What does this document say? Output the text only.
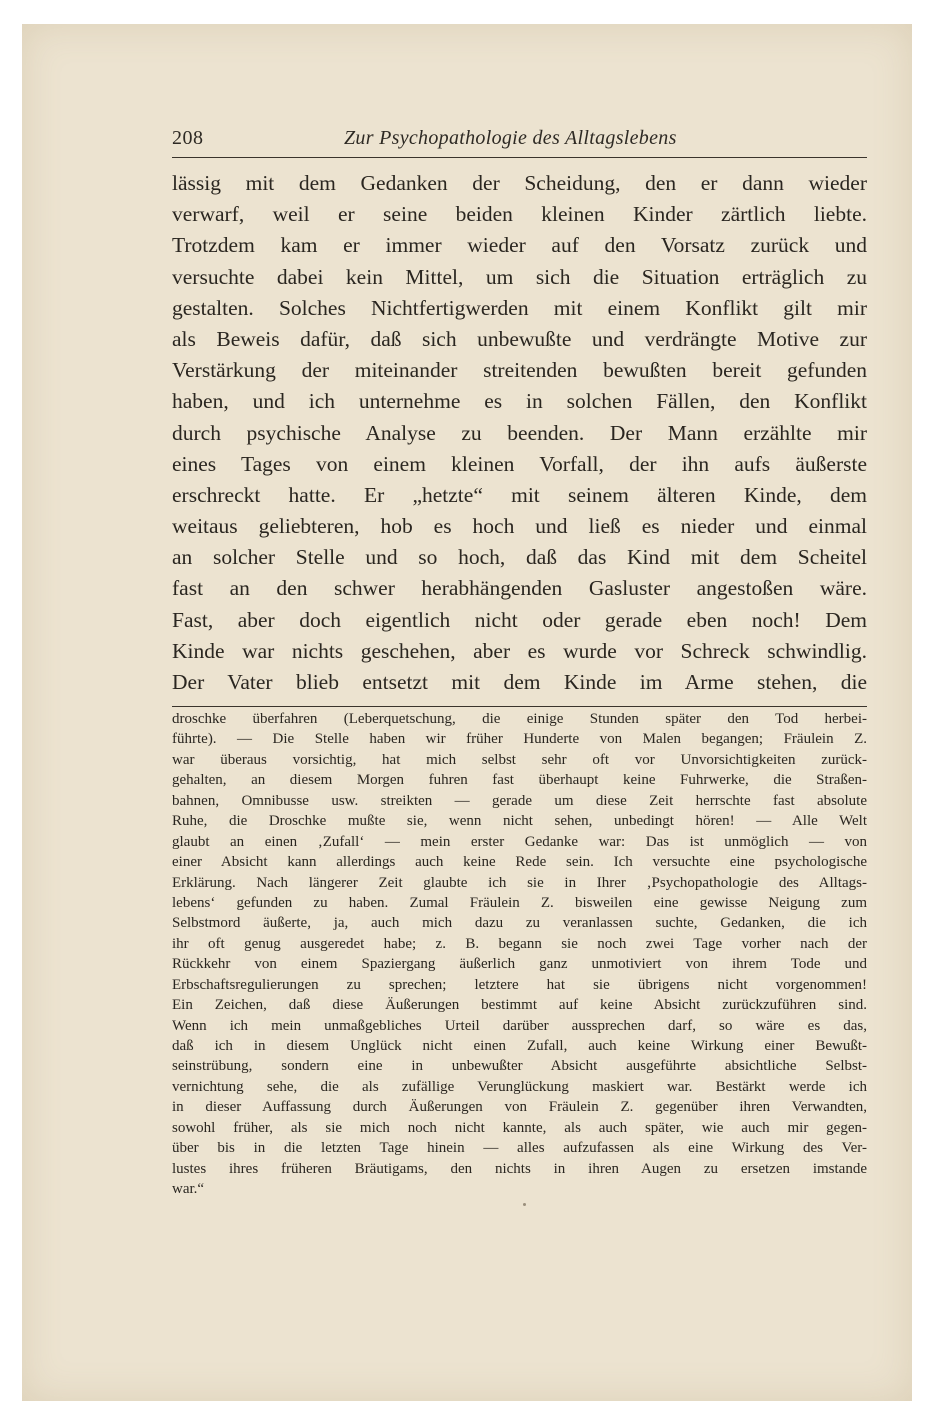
208	Zur Psychopathologie des Alltagslebens
lässig mit dem Gedanken der Scheidung, den er dann wieder
verwarf, weil er seine beiden kleinen Kinder zärtlich liebte.
Trotzdem kam er immer wieder auf den Vorsatz zurück und
versuchte dabei kein Mittel, um sich die Situation erträglich zu
gestalten. Solches Nichtfertigwerden mit einem Konflikt gilt mir
als Beweis dafür, daß sich unbewußte und verdrängte Motive zur
Verstärkung der miteinander streitenden bewußten bereit gefunden
haben, und ich unternehme es in solchen Fällen, den Konflikt
durch psychische Analyse zu beenden. Der Mann erzählte mir
eines Tages von einem kleinen Vorfall, der ihn aufs äußerste
erschreckt hatte. Er „hetzte“ mit seinem älteren Kinde, dem
weitaus geliebteren, hob es hoch und ließ es nieder und einmal
an solcher Stelle und so hoch, daß das Kind mit dem Scheitel
fast an den schwer herabhängenden Gasluster angestoßen wäre.
Fast, aber doch eigentlich nicht oder gerade eben noch! Dem
Kinde war nichts geschehen, aber es wurde vor Schreck schwindlig.
Der Vater blieb entsetzt mit dem Kinde im Arme stehen, die
droschke überfahren (Leberquetschung, die einige Stunden später den Tod herbei-
führte). — Die Stelle haben wir früher Hunderte von Malen begangen; Fräulein Z.
war überaus vorsichtig, hat mich selbst sehr oft vor Unvorsichtigkeiten zurück-
gehalten, an diesem Morgen fuhren fast überhaupt keine Fuhrwerke, die Straßen-
bahnen, Omnibusse usw. streikten — gerade um diese Zeit herrschte fast absolute
Ruhe, die Droschke mußte sie, wenn nicht sehen, unbedingt hören! — Alle Welt
glaubt an einen ‚Zufall‘ — mein erster Gedanke war: Das ist unmöglich — von
einer Absicht kann allerdings auch keine Rede sein. Ich versuchte eine psychologische
Erklärung. Nach längerer Zeit glaubte ich sie in Ihrer ‚Psychopathologie des Alltags-
lebens‘ gefunden zu haben. Zumal Fräulein Z. bisweilen eine gewisse Neigung zum
Selbstmord äußerte, ja, auch mich dazu zu veranlassen suchte, Gedanken, die ich
ihr oft genug ausgeredet habe; z. B. begann sie noch zwei Tage vorher nach der
Rückkehr von einem Spaziergang äußerlich ganz unmotiviert von ihrem Tode und
Erbschaftsregulierungen zu sprechen; letztere hat sie übrigens nicht vorgenommen!
Ein Zeichen, daß diese Äußerungen bestimmt auf keine Absicht zurückzuführen sind.
Wenn ich mein unmaßgebliches Urteil darüber aussprechen darf, so wäre es das,
daß ich in diesem Unglück nicht einen Zufall, auch keine Wirkung einer Bewußt-
seinstrübung, sondern eine in unbewußter Absicht ausgeführte absichtliche Selbst-
vernichtung sehe, die als zufällige Verunglückung maskiert war. Bestärkt werde ich
in dieser Auffassung durch Äußerungen von Fräulein Z. gegenüber ihren Verwandten,
sowohl früher, als sie mich noch nicht kannte, als auch später, wie auch mir gegen-
über bis in die letzten Tage hinein — alles aufzufassen als eine Wirkung des Ver-
lustes ihres früheren Bräutigams, den nichts in ihren Augen zu ersetzen imstande
war.“
